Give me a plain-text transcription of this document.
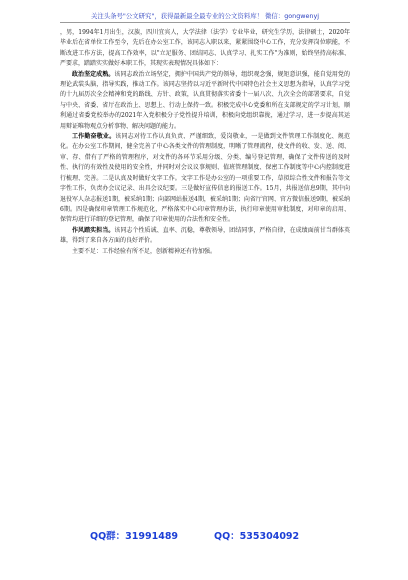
关注头条号"公文研究"，获得最新最全最专业的公文资料库！ 微信：gongwenyj

，男，1994年1月出生，汉族，四川宜宾人，大学法律（法学）专业毕业，研究生学历，法律硕士，2020年毕业后在省单位工作至今，先后在办公室工作，该同志入职以来，紧紧围绕中心工作，充分发挥岗位职能，不断改进工作方法，提高工作效率，以"立足服务、团结同志、认真学习、扎实工作"为准则，始终坚持高标准、严要求，踏踏实实做好本职工作，其现实表现情况具体如下：

政治坚定成熟。该同志政治立场坚定，拥护中国共产党的领导，组织观念强，规矩意识强，能自觉用党的理论武装头脑，指导实践，推动工作。该同志坚持以习近平新时代中国特色社会主义思想为指导，认真学习党的十九届历次全会精神和党的路线、方针、政策，认真贯彻落实省委十一届八次、九次全会的部署要求，自觉与中央、省委、省厅在政治上、思想上、行动上保持一致。积极完成中心党委和所在支部规定的学习计划，顺利通过省委党校举办的2021年入党积极分子党性提升培训，积极向党组织靠拢，通过学习，进一步提高其运用辩证唯物观点分析事物、解决问题的能力。

工作勤奋敬业。该同志对待工作认真负责、严谨细致，爱岗敬业，一是做到文件管理工作制度化、规范化。在办公室工作期间，健全完善了中心各类文件的管理制度，明晰了管理流程，使文件的收、发、送、阅、审、存、借有了严格的管理程序，对文件的各环节采用分级、分类、编号登记管理，确保了文件传送的及时性、执行的有效性及使用的安全性，并同时对会议议事规则、值班管理制度、保密工作制度等中心内控制度进行梳理、完善。二是认真及时做好文字工作。文字工作是办公室的一项重要工作，草拟综合性文件和报告等文字性工作，负责办会议记录、出具会议纪要。三是做好宣传信息的报送工作。15月，共报送信息9期，其中向退役军人杂志报送1期，被采纳1期；向部网站报送4期，被采纳1期；向省厅官网、官方微信报送9期，被采纳6期。四是确保印章管理工作规范化，严格落实中心印章管理办法，执行印章使用审批制度，对印章的启用、保管均进行详细的登记管理，确保了印章使用的合法性和安全性。

作风踏实担当。该同志个性质诚、直率、沉稳，尊敬领导，团结同事，严格自律，在成绩面前甘当群体英雄，得到了来自各方面的良好评价。

主要不足：工作经验有所不足，创新精神还有待加强。

QQ群：31991489	QQ：535304092
